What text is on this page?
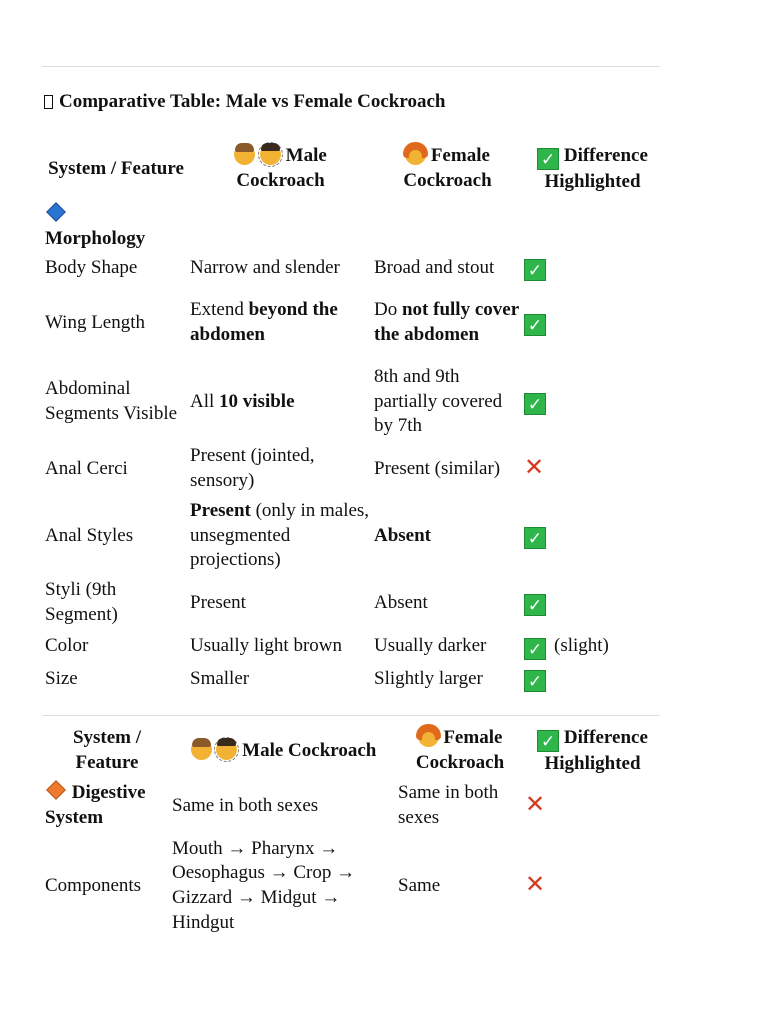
Comparative Table: Male vs Female Cockroach
System / Feature	Male Cockroach	Female Cockroach	✓ Difference Highlighted

Morphology			
Body Shape	Narrow and slender	Broad and stout	✓
Wing Length	Extend beyond the abdomen	Do not fully cover the abdomen	✓
Abdominal Segments Visible	All 10 visible	8th and 9th partially covered by 7th	✓
Anal Cerci	Present (jointed, sensory)	Present (similar)	✕
Anal Styles	Present (only in males, unsegmented projections)	Absent	✓
Styli (9th Segment)	Present	Absent	✓
Color	Usually light brown	Usually darker	✓ (slight)
Size	Smaller	Slightly larger	✓
System / Feature	Male Cockroach	Female Cockroach	✓ Difference Highlighted
Digestive System	Same in both sexes	Same in both sexes	✕
Components	Mouth → Pharynx → Oesophagus → Crop → Gizzard → Midgut → Hindgut	Same	✕
